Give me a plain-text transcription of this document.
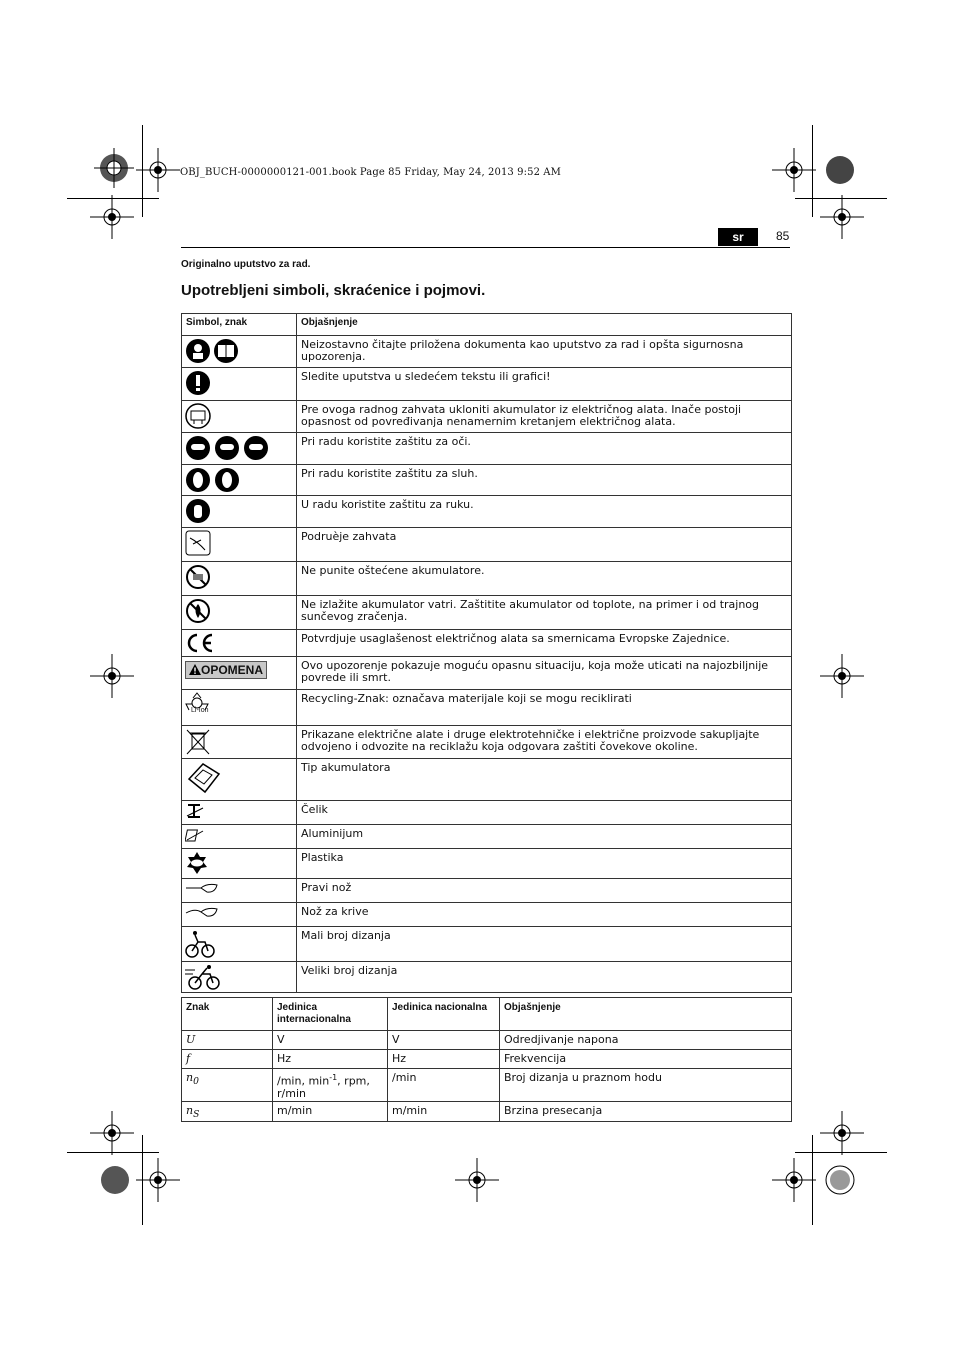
OBJ_BUCH-0000000121-001.book Page 85 Friday, May 24, 2013 9:52 AM
sr	85
Originalno uputstvo za rad.
Upotrebljeni simboli, skraćenice i pojmovi.
Simbol, znak	Objašnjenje
	Neizostavno čitajte priložena dokumenta kao uputstvo za rad i opšta sigurnosna upozorenja.
	Sledite uputstva u sledećem tekstu ili grafici!
	Pre ovoga radnog zahvata ukloniti akumulator iz električnog alata. Inače postoji opasnost od povređivanja nenamernim kretanjem električnog alata.
	Pri radu koristite zaštitu za oči.
	Pri radu koristite zaštitu za sluh.
	U radu koristite zaštitu za ruku.
	Podruèje zahvata
	Ne punite oštećene akumulatore.
	Ne izlažite akumulator vatri. Zaštitite akumulator od toplote, na primer i od trajnog sunčevog zračenja.
	Potvrdjuje usaglašenost električnog alata sa smernicama Evropske Zajednice.
OPOMENA	Ovo upozorenje pokazuje moguću opasnu situaciju, koja može uticati na najozbiljnije povrede ili smrt.
Li-Ion	Recycling-Znak: označava materijale koji se mogu reciklirati
	Prikazane električne alate i druge elektrotehničke i električne proizvode sakupljajte odvojeno i odvozite na reciklažu koja odgovara zaštiti čovekove okoline.
	Tip akumulatora
	Čelik
	Aluminijum
	Plastika
	Pravi nož
	Nož za krive
	Mali broj dizanja
	Veliki broj dizanja
Znak	Jedinica internacionalna	Jedinica nacionalna	Objašnjenje
U	V	V	Odredjivanje napona
f	Hz	Hz	Frekvencija
$n_0$	/min, $\min^{-1}$, rpm, r/min	/min	Broj dizanja u praznom hodu
$n_S$	m/min	m/min	Brzina presecanja
